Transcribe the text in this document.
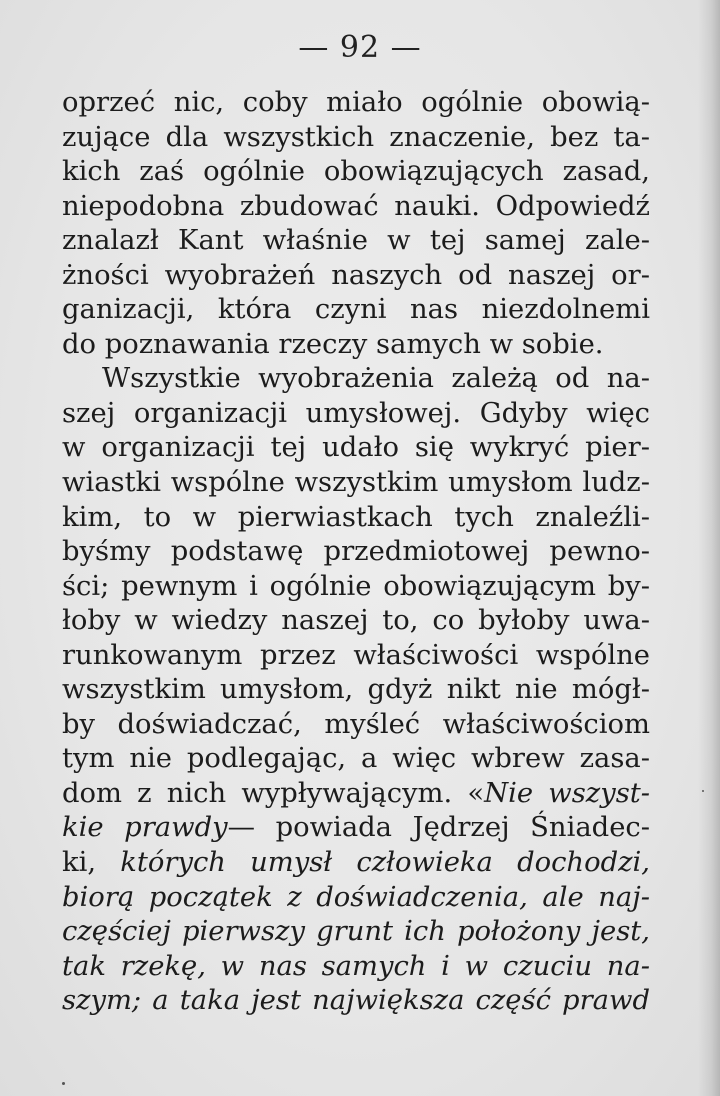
— 92 —
oprzeć nic, coby miało ogólnie obowią-
zujące dla wszystkich znaczenie, bez ta-
kich zaś ogólnie obowiązujących zasad,
niepodobna zbudować nauki. Odpowiedź
znalazł Kant właśnie w tej samej zale-
żności wyobrażeń naszych od naszej or-
ganizacji, która czyni nas niezdolnemi
do poznawania rzeczy samych w sobie.
Wszystkie wyobrażenia zależą od na-
szej organizacji umysłowej. Gdyby więc
w organizacji tej udało się wykryć pier-
wiastki wspólne wszystkim umysłom ludz-
kim, to w pierwiastkach tych znaleźli-
byśmy podstawę przedmiotowej pewno-
ści; pewnym i ogólnie obowiązującym by-
łoby w wiedzy naszej to, co byłoby uwa-
runkowanym przez właściwości wspólne
wszystkim umysłom, gdyż nikt nie mógł-
by doświadczać, myśleć właściwościom
tym nie podlegając, a więc wbrew zasa-
dom z nich wypływającym. «Nie wszyst-
kie prawdy— powiada Jędrzej Śniadec-
ki, których umysł człowieka dochodzi,
biorą początek z doświadczenia, ale naj-
częściej pierwszy grunt ich położony jest,
tak rzekę, w nas samych i w czuciu na-
szym; a taka jest największa część prawd
